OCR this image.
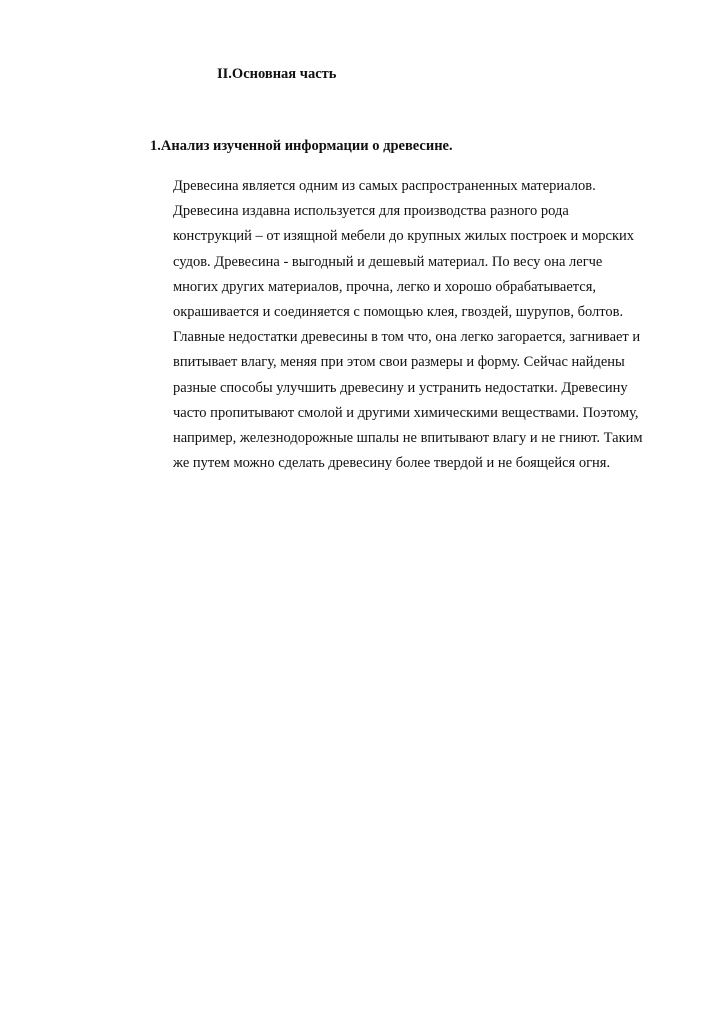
II.Основная часть
1.Анализ изученной информации о древесине.

Древесина является одним из самых распространенных материалов.
Древесина издавна используется для производства разного рода
конструкций – от изящной мебели до крупных жилых построек и морских
судов. Древесина - выгодный и дешевый материал. По весу она легче
многих других материалов, прочна, легко и хорошо обрабатывается,
окрашивается и соединяется с помощью клея, гвоздей, шурупов, болтов.
Главные недостатки древесины в том что, она легко загорается, загнивает и
впитывает влагу, меняя при этом свои размеры и форму. Сейчас найдены
разные способы улучшить древесину и устранить недостатки. Древесину
часто пропитывают смолой и другими химическими веществами. Поэтому,
например, железнодорожные шпалы не впитывают влагу и не гниют. Таким
же путем можно сделать древесину более твердой и не боящейся огня.
